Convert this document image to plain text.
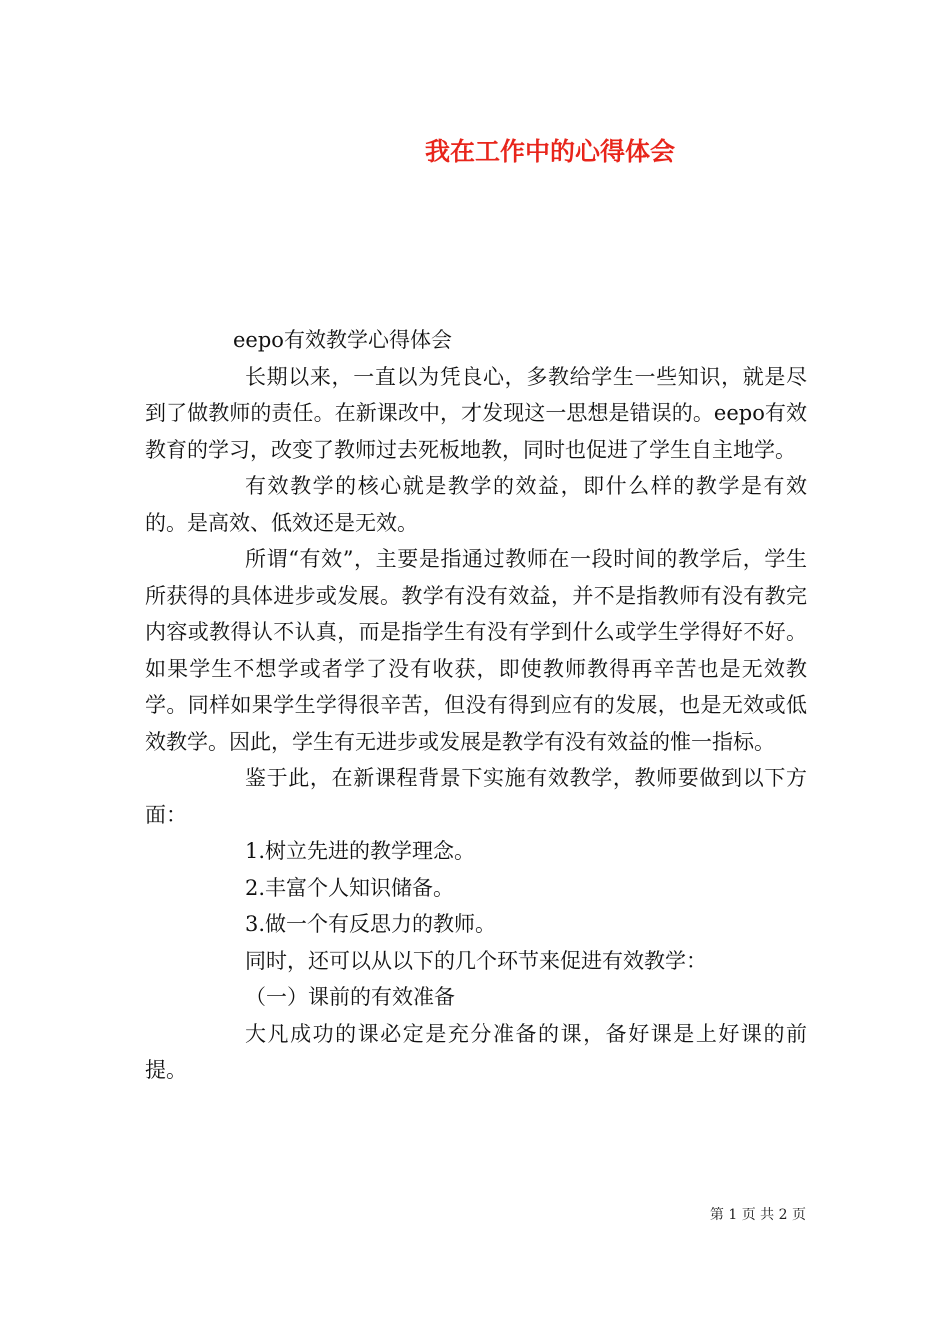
我在工作中的心得体会

eepo有效教学心得体会

长期以来，一直以为凭良心，多教给学生一些知识，就是尽到了做教师的责任。在新课改中，才发现这一思想是错误的。eepo有效教育的学习，改变了教师过去死板地教，同时也促进了学生自主地学。

有效教学的核心就是教学的效益，即什么样的教学是有效的。是高效、低效还是无效。

所谓“有效”，主要是指通过教师在一段时间的教学后，学生所获得的具体进步或发展。教学有没有效益，并不是指教师有没有教完内容或教得认不认真，而是指学生有没有学到什么或学生学得好不好。如果学生不想学或者学了没有收获，即使教师教得再辛苦也是无效教学。同样如果学生学得很辛苦，但没有得到应有的发展，也是无效或低效教学。因此，学生有无进步或发展是教学有没有效益的惟一指标。

鉴于此，在新课程背景下实施有效教学，教师要做到以下方面：

1.树立先进的教学理念。

2.丰富个人知识储备。

3.做一个有反思力的教师。

同时，还可以从以下的几个环节来促进有效教学：

（一）课前的有效准备

大凡成功的课必定是充分准备的课，备好课是上好课的前提。

第 1 页 共 2 页
